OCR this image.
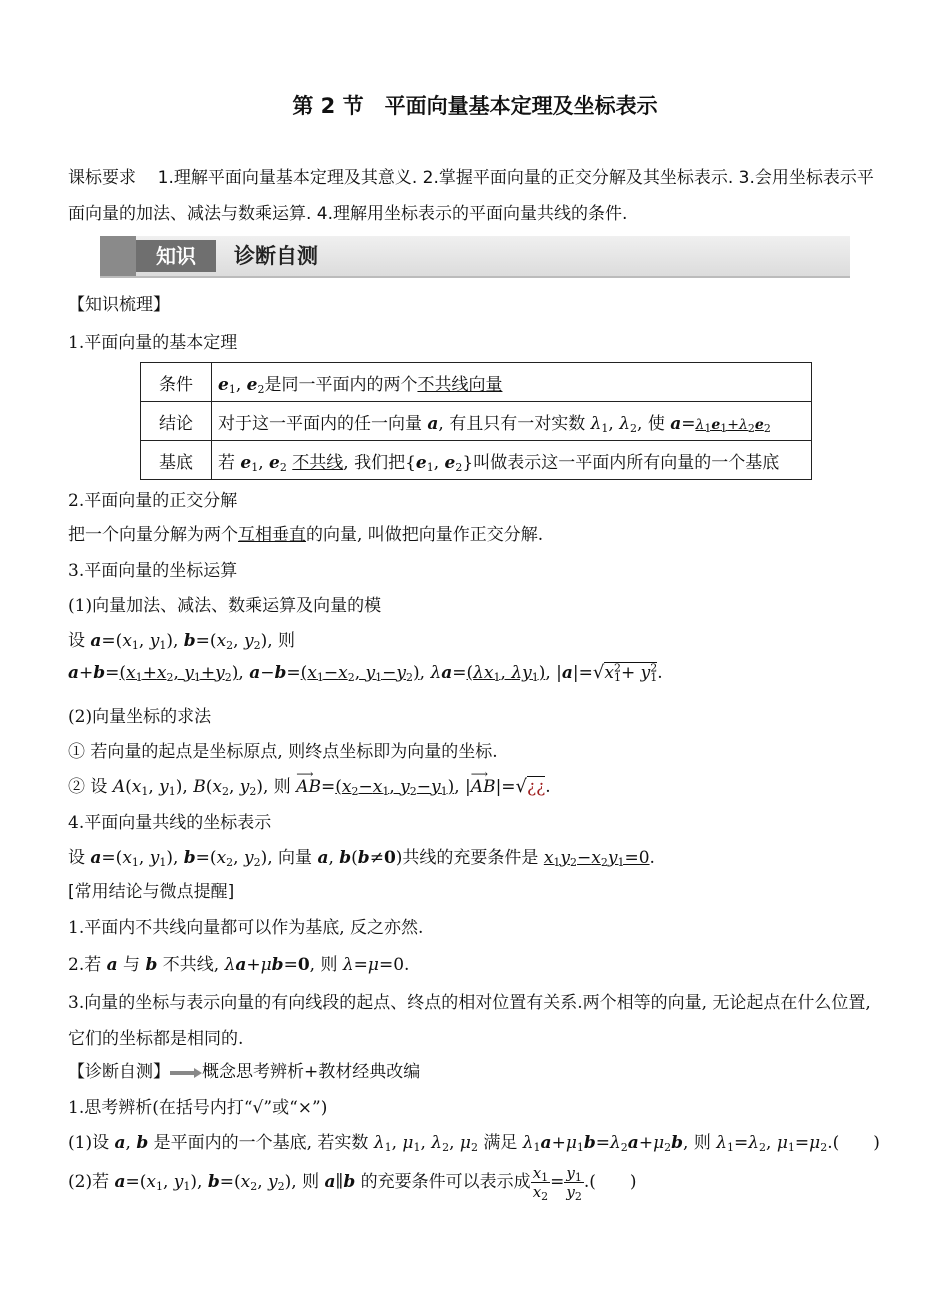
第 2 节　平面向量基本定理及坐标表示
课标要求 1.理解平面向量基本定理及其意义. 2.掌握平面向量的正交分解及其坐标表示. 3.会用坐标表示平面向量的加法、减法与数乘运算. 4.理解用坐标表示的平面向量共线的条件.
知识	诊断自测
【知识梳理】
1.平面向量的基本定理
条件	$e_1$, $e_2$是同一平面内的两个不共线向量
结论	对于这一平面内的任一向量 a, 有且只有一对实数 $\lambda_1$, $\lambda_2$, 使 $a=\lambda_1e_1+\lambda_2e_2$
基底	若 $e_1$, $e_2$ 不共线, 我们把{$e_1$, $e_2$}叫做表示这一平面内所有向量的一个基底
2.平面向量的正交分解
把一个向量分解为两个互相垂直的向量, 叫做把向量作正交分解.
3.平面向量的坐标运算
(1)向量加法、减法、数乘运算及向量的模
设 $a=(x_1$, $y_1$), $b=(x_2$, $y_2$), 则
$a+b=(x_1+x_2$, $y_1+y_2$), $a-b=(x_1-x_2$, $y_1-y_2$), $\lambda a=(\lambda x_1$, $\lambda y_1$), $|a|=√x^2_1+ y^2_1$.
(2)向量坐标的求法
① 若向量的起点是坐标原点, 则终点坐标即为向量的坐标.
② 设 $A(x_1$, $y_1$), $B(x_2$, $y_2$), 则 AB
⟶
$=(x_2-x_1$, $y_2-y_1$), |AB
⟶
|=√¿¿.
4.平面向量共线的坐标表示
设 $a=(x_1$, $y_1$), $b=(x_2$, $y_2$), 向量 a, b(b≠0)共线的充要条件是 $x_1y_2-x_2y_1=0$.
[常用结论与微点提醒]
1.平面内不共线向量都可以作为基底, 反之亦然.
2.若 a 与 b 不共线, λa+μb=0, 则 λ=μ=0.
3.向量的坐标与表示向量的有向线段的起点、终点的相对位置有关系.两个相等的向量, 无论起点在什么位置, 它们的坐标都是相同的.
【诊断自测】 概念思考辨析+教材经典改编
1.思考辨析(在括号内打“√”或“×”)
(1)设 a, b 是平面内的一个基底, 若实数 $\lambda_1$, $\mu_1$, $\lambda_2$, $\mu_2$ 满足 $\lambda_1a+\mu_1b=\lambda_2a+\mu_2b$, 则 $\lambda_1=\lambda_2$, $\mu_1=\mu_2$.(　　)
(2)若 $a=(x_1$, $y_1$), $b=(x_2$, $y_2$), 则 a∥b 的充要条件可以表示成 $\frac{x_1}{x_2} = \frac{y_1}{y_2}$ .(　　)
